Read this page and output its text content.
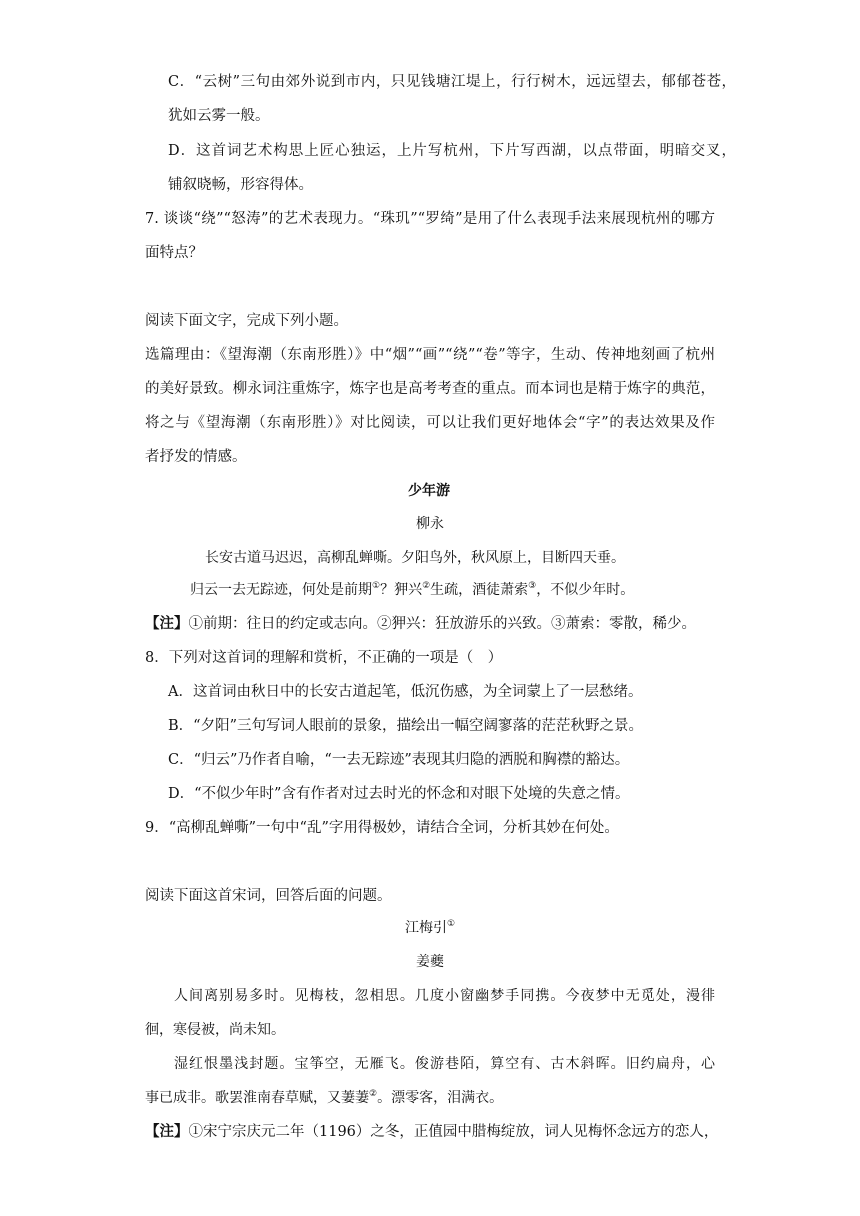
C．“云树”三句由郊外说到市内，只见钱塘江堤上，行行树木，远远望去，郁郁苍苍，
犹如云雾一般。
D．这首词艺术构思上匠心独运，上片写杭州，下片写西湖，以点带面，明暗交叉，
铺叙晓畅，形容得体。
7. 谈谈“绕”“怒涛”的艺术表现力。“珠玑”“罗绮”是用了什么表现手法来展现杭州的哪方
面特点？
阅读下面文字，完成下列小题。
选篇理由：《望海潮（东南形胜）》中“烟”“画”“绕”“卷”等字，生动、传神地刻画了杭州
的美好景致。柳永词注重炼字，炼字也是高考考查的重点。而本词也是精于炼字的典范，
将之与《望海潮（东南形胜）》对比阅读，可以让我们更好地体会“字”的表达效果及作
者抒发的情感。
少年游
柳永
长安古道马迟迟，高柳乱蝉嘶。夕阳鸟外，秋风原上，目断四天垂。
归云一去无踪迹，何处是前期①？狎兴②生疏，酒徒萧索③，不似少年时。
【注】①前期：往日的约定或志向。②狎兴：狂放游乐的兴致。③萧索：零散，稀少。
8．下列对这首词的理解和赏析，不正确的一项是（　）
A．这首词由秋日中的长安古道起笔，低沉伤感，为全词蒙上了一层愁绪。
B．“夕阳”三句写词人眼前的景象，描绘出一幅空阔寥落的茫茫秋野之景。
C．“归云”乃作者自喻，“一去无踪迹”表现其归隐的洒脱和胸襟的豁达。
D．“不似少年时”含有作者对过去时光的怀念和对眼下处境的失意之情。
9．“高柳乱蝉嘶”一句中“乱”字用得极妙，请结合全词，分析其妙在何处。
阅读下面这首宋词，回答后面的问题。
江梅引①
姜夔
人间离别易多时。见梅枝，忽相思。几度小窗幽梦手同携。今夜梦中无觅处，漫徘
徊，寒侵被，尚未知。
湿红恨墨浅封题。宝筝空，无雁飞。俊游巷陌，算空有、古木斜晖。旧约扁舟，心
事已成非。歌罢淮南春草赋，又萋萋②。漂零客，泪满衣。
【注】①宋宁宗庆元二年（1196）之冬，正值园中腊梅绽放，词人见梅怀念远方的恋人，
